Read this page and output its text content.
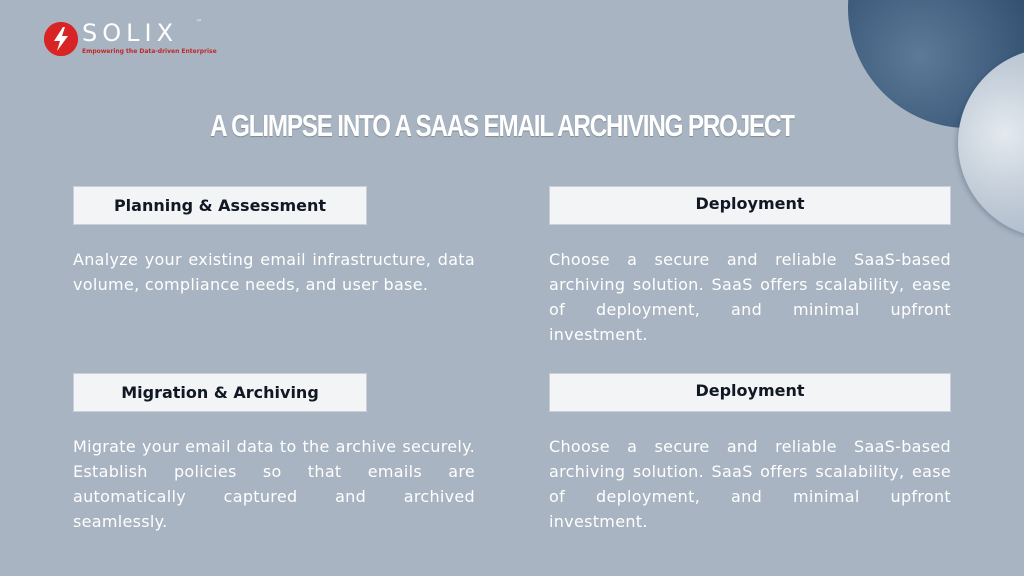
SOLIX	™
Empowering the Data-driven Enterprise
A GLIMPSE INTO A SAAS EMAIL ARCHIVING PROJECT
Planning & Assessment
Analyze your existing email infrastructure, data volume, compliance needs, and user base.
Deployment
Choose a secure and reliable SaaS-based archiving solution. SaaS offers scalability, ease of deployment, and minimal upfront investment.
Migration & Archiving
Migrate your email data to the archive securely. Establish policies so that emails are automatically captured and archived seamlessly.
Deployment
Choose a secure and reliable SaaS-based archiving solution. SaaS offers scalability, ease of deployment, and minimal upfront investment.
